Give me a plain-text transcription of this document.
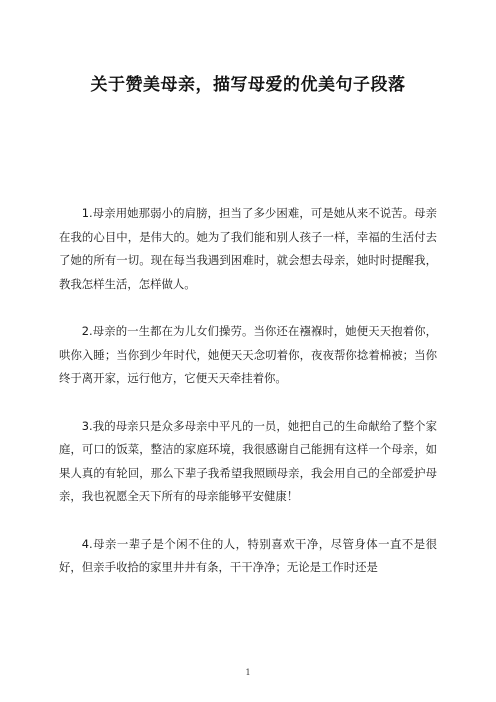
关于赞美母亲，描写母爱的优美句子段落

1.母亲用她那弱小的肩膀，担当了多少困难，可是她从来不说苦。母亲在我的心目中，是伟大的。她为了我们能和别人孩子一样，幸福的生活付去了她的所有一切。现在每当我遇到困难时，就会想去母亲，她时时提醒我，教我怎样生活，怎样做人。

2.母亲的一生都在为儿女们操劳。当你还在襁褓时，她便天天抱着你，哄你入睡；当你到少年时代，她便天天念叨着你，夜夜帮你捻着棉被；当你终于离开家，远行他方，它便天天牵挂着你。

3.我的母亲只是众多母亲中平凡的一员，她把自己的生命献给了整个家庭，可口的饭菜，整洁的家庭环境，我很感谢自己能拥有这样一个母亲，如果人真的有轮回，那么下辈子我希望我照顾母亲，我会用自己的全部爱护母亲，我也祝愿全天下所有的母亲能够平安健康！

4.母亲一辈子是个闲不住的人，特别喜欢干净，尽管身体一直不是很好，但亲手收拾的家里井井有条，干干净净；无论是工作时还是

1
